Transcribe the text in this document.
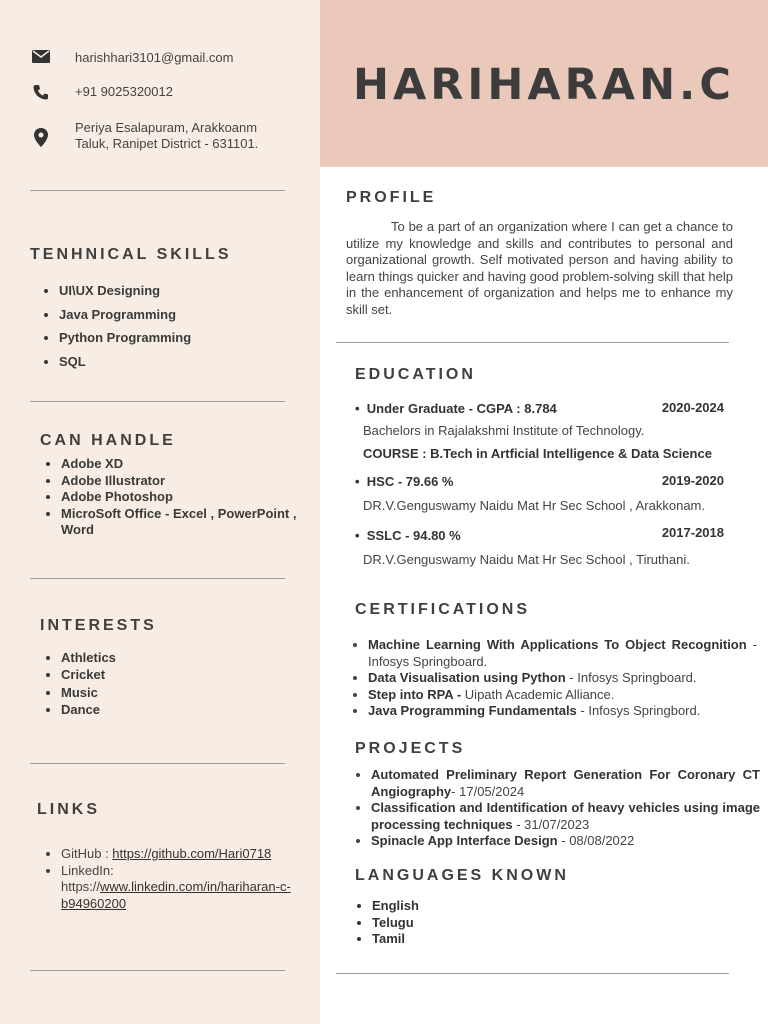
HARIHARAN.C
harishhari3101@gmail.com
+91 9025320012
Periya Esalapuram, Arakkoanm Taluk, Ranipet District - 631101.
TENHNICAL SKILLS
• UI\UX Designing
• Java Programming
• Python Programming
• SQL
CAN HANDLE
• Adobe XD
• Adobe Illustrator
• Adobe Photoshop
• MicroSoft Office - Excel , PowerPoint , Word
INTERESTS
• Athletics
• Cricket
• Music
• Dance
LINKS
• GitHub : https://github.com/Hari0718
• LinkedIn:
https://www.linkedin.com/in/hariharan-c-b94960200
PROFILE

To be a part of an organization where I can get a chance to utilize my knowledge and skills and contributes to personal and organizational growth. Self motivated person and having ability to learn things quicker and having good problem-solving skill that help in the enhancement of organization and helps me to enhance my skill set.

EDUCATION
•  Under Graduate - CGPA : 8.784	2020-2024
Bachelors in Rajalakshmi Institute of Technology.
COURSE : B.Tech in Artficial Intelligence & Data Science
•  HSC - 79.66 %	2019-2020
DR.V.Genguswamy Naidu Mat Hr Sec School , Arakkonam.
•  SSLC - 94.80 %	2017-2018
DR.V.Genguswamy Naidu Mat Hr Sec School , Tiruthani.
CERTIFICATIONS
• Machine Learning With Applications To Object Recognition - Infosys Springboard.
• Data Visualisation using Python - Infosys Springboard.
• Step into RPA - Uipath Academic Alliance.
• Java Programming Fundamentals - Infosys Springbord.
PROJECTS
• Automated Preliminary Report Generation For Coronary CT Angiography- 17/05/2024
• Classification and Identification of heavy vehicles using image processing techniques - 31/07/2023
• Spinacle App Interface Design - 08/08/2022
LANGUAGES KNOWN
• English
• Telugu
• Tamil
